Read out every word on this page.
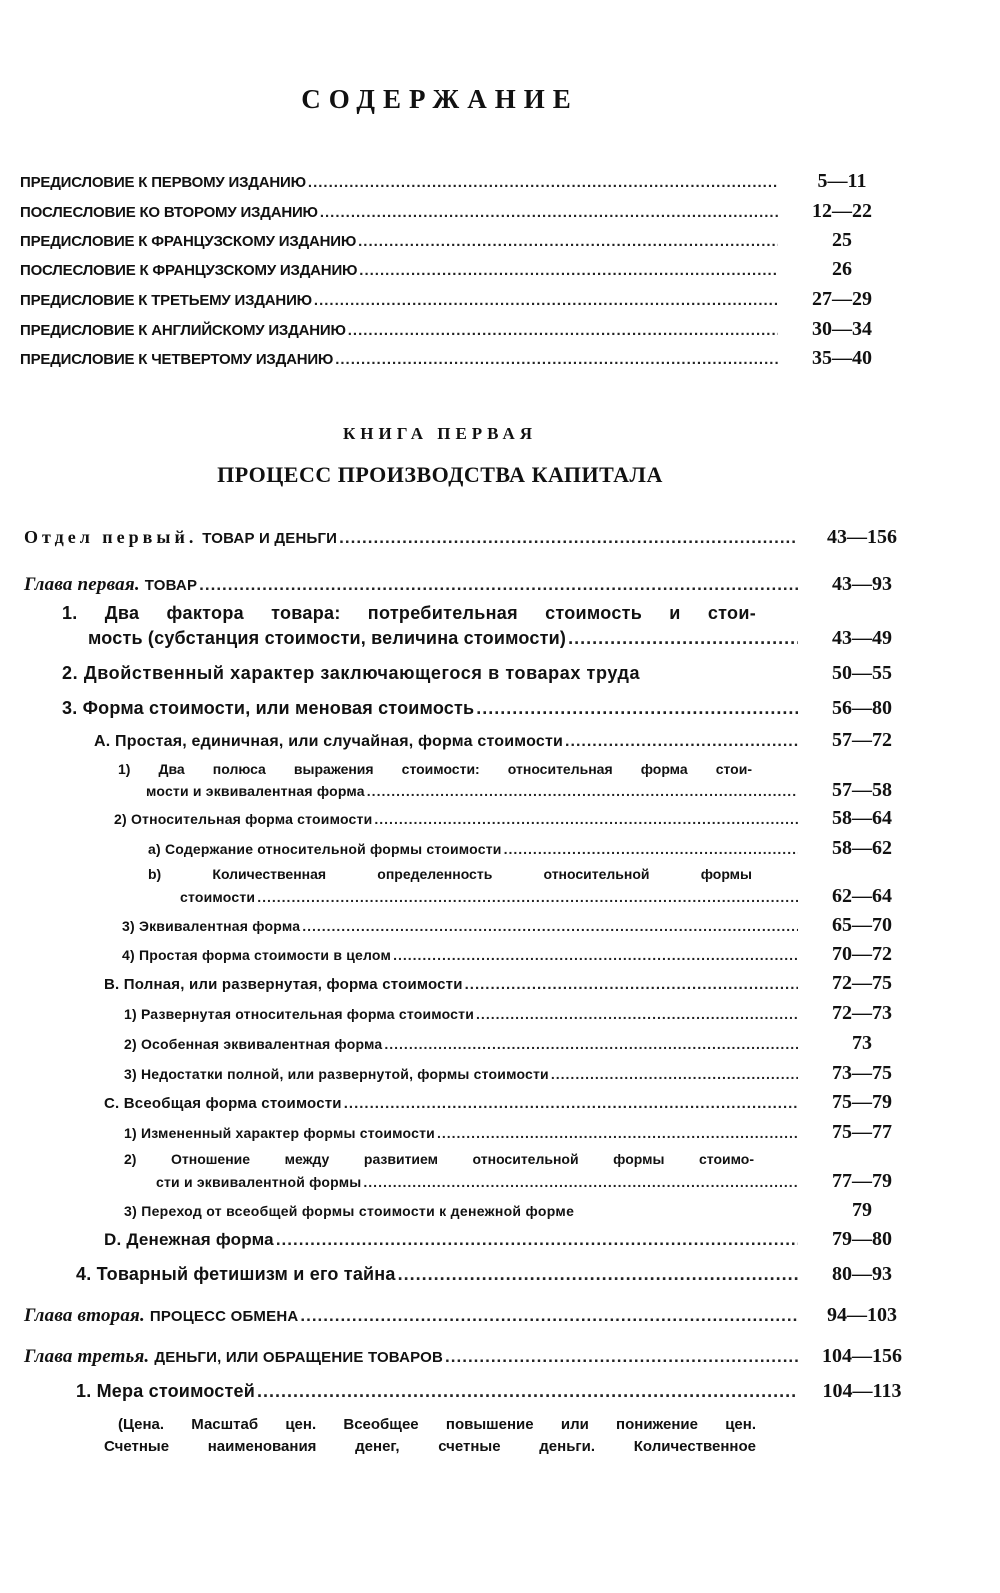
СОДЕРЖАНИЕ
ПРЕДИСЛОВИЕ К ПЕРВОМУ ИЗДАНИЮ .....	5—11
ПОСЛЕСЛОВИЕ КО ВТОРОМУ ИЗДАНИЮ .....	12—22
ПРЕДИСЛОВИЕ К ФРАНЦУЗСКОМУ ИЗДАНИЮ .....	25
ПОСЛЕСЛОВИЕ К ФРАНЦУЗСКОМУ ИЗДАНИЮ .....	26
ПРЕДИСЛОВИЕ К ТРЕТЬЕМУ ИЗДАНИЮ .....	27—29
ПРЕДИСЛОВИЕ К АНГЛИЙСКОМУ ИЗДАНИЮ .....	30—34
ПРЕДИСЛОВИЕ К ЧЕТВЕРТОМУ ИЗДАНИЮ .....	35—40
КНИГА ПЕРВАЯ
ПРОЦЕСС ПРОИЗВОДСТВА КАПИТАЛА
Отдел первый. ТОВАР И ДЕНЬГИ .....	43—156
Глава первая. ТОВАР .....	43—93
1. Два фактора товара: потребительная стоимость и стои-
мость (субстанция стоимости, величина стоимости) .....	43—49
2. Двойственный характер заключающегося в товарах труда	50—55
3. Форма стоимости, или меновая стоимость .....	56—80
А. Простая, единичная, или случайная, форма стоимости .....	57—72
1) Два полюса выражения стоимости: относительная форма стои-
мости и эквивалентная форма .....	57—58
2) Относительная форма стоимости .....	58—64
a) Содержание относительной формы стоимости .....	58—62
b) Количественная определенность относительной формы
стоимости .....	62—64
3) Эквивалентная форма .....	65—70
4) Простая форма стоимости в целом .....	70—72
B. Полная, или развернутая, форма стоимости .....	72—75
1) Развернутая относительная форма стоимости .....	72—73
2) Особенная эквивалентная форма .....	73
3) Недостатки полной, или развернутой, формы стоимости .....	73—75
C. Всеобщая форма стоимости .....	75—79
1) Измененный характер формы стоимости .....	75—77
2) Отношение между развитием относительной формы стоимо-
сти и эквивалентной формы .....	77—79
3) Переход от всеобщей формы стоимости к денежной форме	79
D. Денежная форма .....	79—80
4. Товарный фетишизм и его тайна .....	80—93
Глава вторая. ПРОЦЕСС ОБМЕНА .....	94—103
Глава третья. ДЕНЬГИ, ИЛИ ОБРАЩЕНИЕ ТОВАРОВ .....	104—156
1. Мера стоимостей .....	104—113
(Цена. Масштаб цен. Всеобщее повышение или понижение цен.
Счетные наименования денег, счетные деньги. Количественное
